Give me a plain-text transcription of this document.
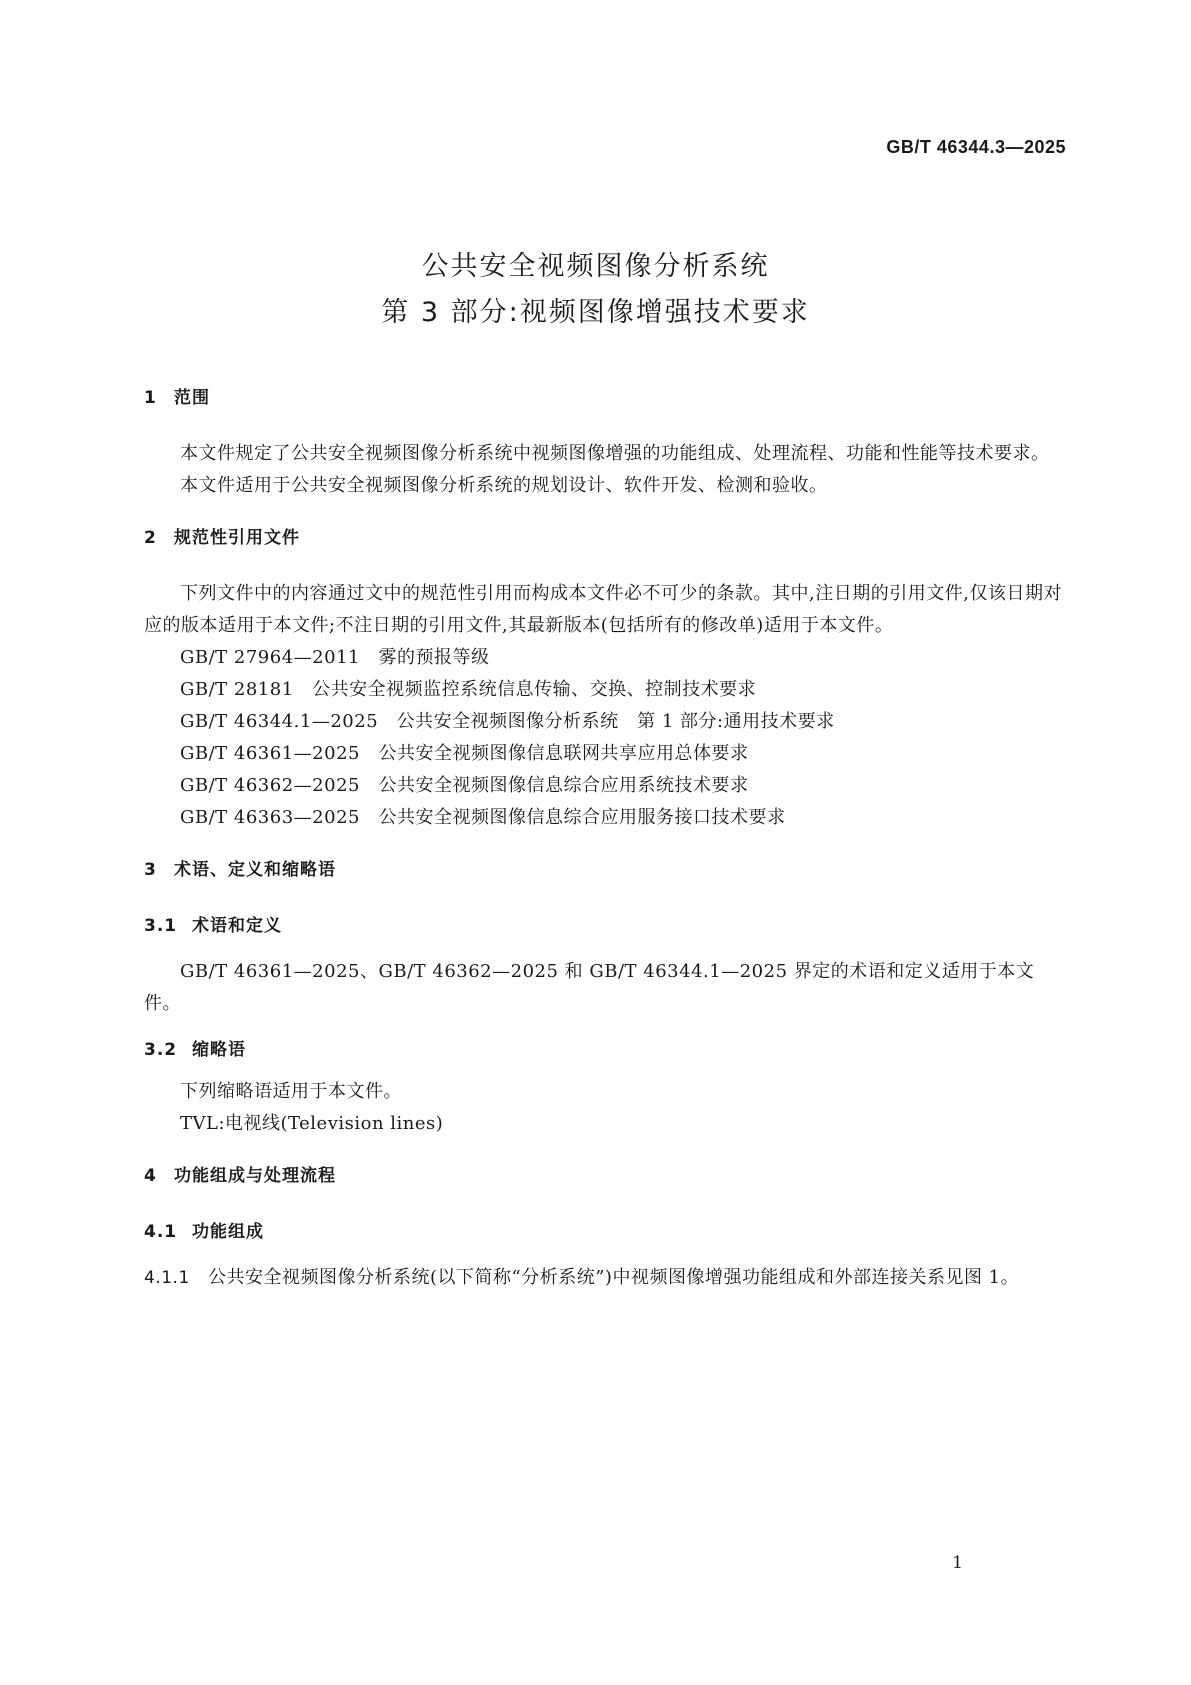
GB/T 46344.3—2025
公共安全视频图像分析系统
第 3 部分:视频图像增强技术要求
1 范围

本文件规定了公共安全视频图像分析系统中视频图像增强的功能组成、处理流程、功能和性能等技术要求。

本文件适用于公共安全视频图像分析系统的规划设计、软件开发、检测和验收。

2 规范性引用文件

下列文件中的内容通过文中的规范性引用而构成本文件必不可少的条款。其中,注日期的引用文件,仅该日期对应的版本适用于本文件;不注日期的引用文件,其最新版本(包括所有的修改单)适用于本文件。

GB/T 27964—2011　 雾的预报等级

GB/T 28181　 公共安全视频监控系统信息传输、交换、控制技术要求

GB/T 46344.1—2025　 公共安全视频图像分析系统　第 1 部分:通用技术要求

GB/T 46361—2025　 公共安全视频图像信息联网共享应用总体要求

GB/T 46362—2025　 公共安全视频图像信息综合应用系统技术要求

GB/T 46363—2025　 公共安全视频图像信息综合应用服务接口技术要求

3 术语、定义和缩略语
3.1 术语和定义

GB/T 46361—2025、GB/T 46362—2025 和 GB/T 46344.1—2025 界定的术语和定义适用于本文件。

3.2 缩略语

下列缩略语适用于本文件。

TVL:电视线(Television lines)

4 功能组成与处理流程
4.1 功能组成

4.1.1 公共安全视频图像分析系统(以下简称“分析系统”)中视频图像增强功能组成和外部连接关系见图 1。

1
